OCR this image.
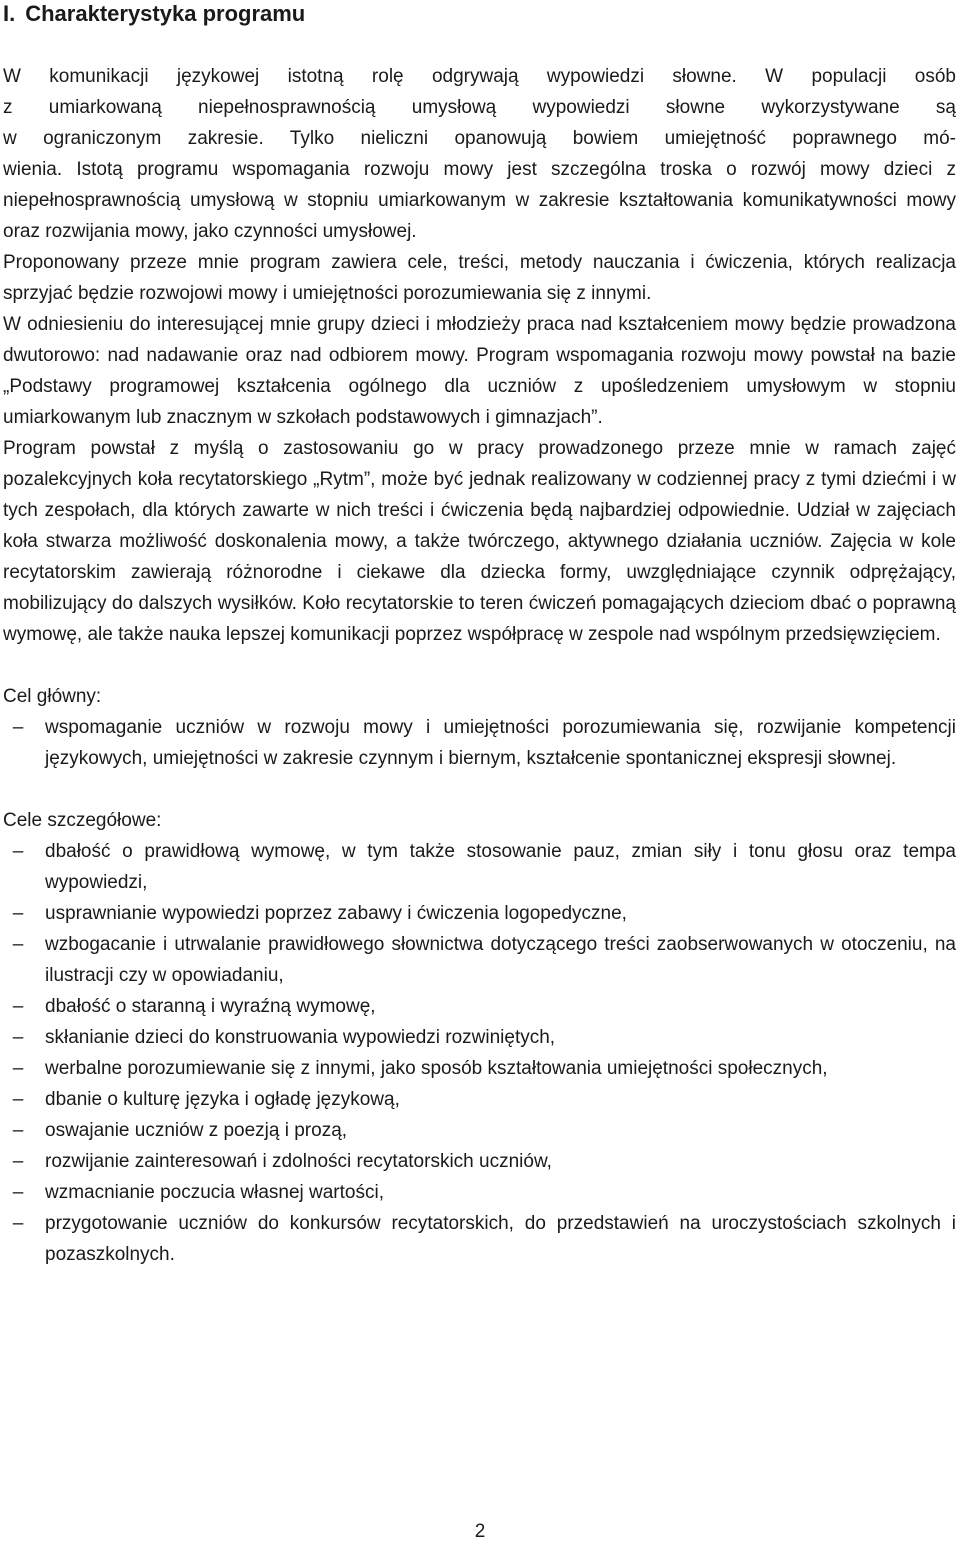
I. Charakterystyka programu
W komunikacji językowej istotną rolę odgrywają wypowiedzi słowne. W populacji osób
z umiarkowaną niepełnosprawnością umysłową wypowiedzi słowne wykorzystywane są
w ograniczonym zakresie. Tylko nieliczni opanowują bowiem umiejętność poprawnego mó-

wienia. Istotą programu wspomagania rozwoju mowy jest szczególna troska o rozwój mowy dzieci z niepełnosprawnością umysłową w stopniu umiarkowanym w zakresie kształtowania komunikatywności mowy oraz rozwijania mowy, jako czynności umysłowej.

Proponowany przeze mnie program zawiera cele, treści, metody nauczania i ćwiczenia, których realizacja sprzyjać będzie rozwojowi mowy i umiejętności porozumiewania się z innymi.

W odniesieniu do interesującej mnie grupy dzieci i młodzieży praca nad kształceniem mowy będzie prowadzona dwutorowo: nad nadawanie oraz nad odbiorem mowy. Program wspomagania rozwoju mowy powstał na bazie „Podstawy programowej kształcenia ogólnego dla uczniów z upośledzeniem umysłowym w stopniu umiarkowanym lub znacznym w szkołach podstawowych i gimnazjach”.

Program powstał z myślą o zastosowaniu go w pracy prowadzonego przeze mnie w ramach zajęć pozalekcyjnych koła recytatorskiego „Rytm”, może być jednak realizowany w codziennej pracy z tymi dziećmi i w tych zespołach, dla których zawarte w nich treści i ćwiczenia będą najbardziej odpowiednie. Udział w zajęciach koła stwarza możliwość doskonalenia mowy, a także twórczego, aktywnego działania uczniów. Zajęcia w kole recytatorskim zawierają różnorodne i ciekawe dla dziecka formy, uwzględniające czynnik odprężający, mobilizujący do dalszych wysiłków. Koło recytatorskie to teren ćwiczeń pomagających dzieciom dbać o poprawną wymowę, ale także nauka lepszej komunikacji poprzez współpracę w zespole nad wspólnym przedsięwzięciem.

Cel główny:

–	wspomaganie uczniów w rozwoju mowy i umiejętności porozumiewania się, rozwijanie kompetencji językowych, umiejętności w zakresie czynnym i biernym, kształcenie spontanicznej ekspresji słownej.

Cele szczegółowe:

–	dbałość o prawidłową wymowę, w tym także stosowanie pauz, zmian siły i tonu głosu oraz tempa wypowiedzi,
–	usprawnianie wypowiedzi poprzez zabawy i ćwiczenia logopedyczne,
–	wzbogacanie i utrwalanie prawidłowego słownictwa dotyczącego treści zaobserwowanych w otoczeniu, na ilustracji czy w opowiadaniu,
–	dbałość o staranną i wyraźną wymowę,
–	skłanianie dzieci do konstruowania wypowiedzi rozwiniętych,
–	werbalne porozumiewanie się z innymi, jako sposób kształtowania umiejętności społecznych,
–	dbanie o kulturę języka i ogładę językową,
–	oswajanie uczniów z poezją i prozą,
–	rozwijanie zainteresowań i zdolności recytatorskich uczniów,
–	wzmacnianie poczucia własnej wartości,
–	przygotowanie uczniów do konkursów recytatorskich, do przedstawień na uroczystościach szkolnych i pozaszkolnych.
2
